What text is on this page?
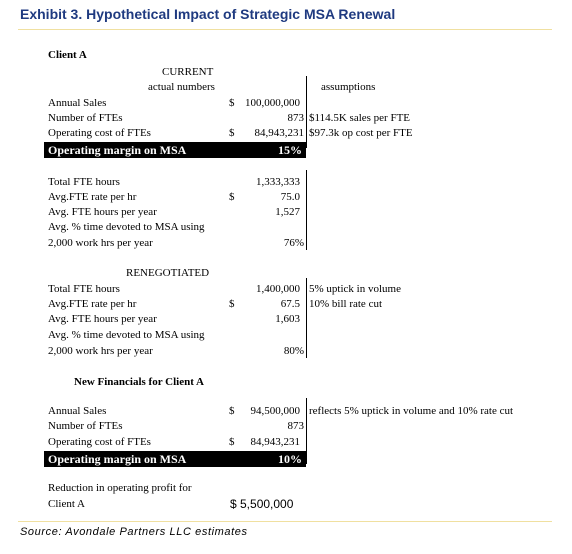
Exhibit 3. Hypothetical Impact of Strategic MSA Renewal
Client A
CURRENT
actual numbers	assumptions
Annual Sales	$ 100,000,000
Number of FTEs	873 $114.5K sales per FTE
Operating cost of FTEs	$	84,943,231 $97.3k op cost per FTE
Operating margin on MSA	15%
Total FTE hours	1,333,333
Avg.FTE rate per hr	$	75.0
Avg. FTE hours per year	1,527
Avg. % time devoted to MSA using
2,000 work hrs per year	76%
RENEGOTIATED
Total FTE hours	1,400,000 5% uptick in volume
Avg.FTE rate per hr	$	67.5 10% bill rate cut
Avg. FTE hours per year	1,603
Avg. % time devoted to MSA using
2,000 work hrs per year	80%
New Financials for Client A
Annual Sales	$	94,500,000 reflects 5% uptick in volume and 10% rate cut
Number of FTEs	873
Operating cost of FTEs	$	84,943,231
Operating margin on MSA	10%
Reduction in operating profit for
Client A	$ 5,500,000
Source: Avondale Partners LLC estimates
